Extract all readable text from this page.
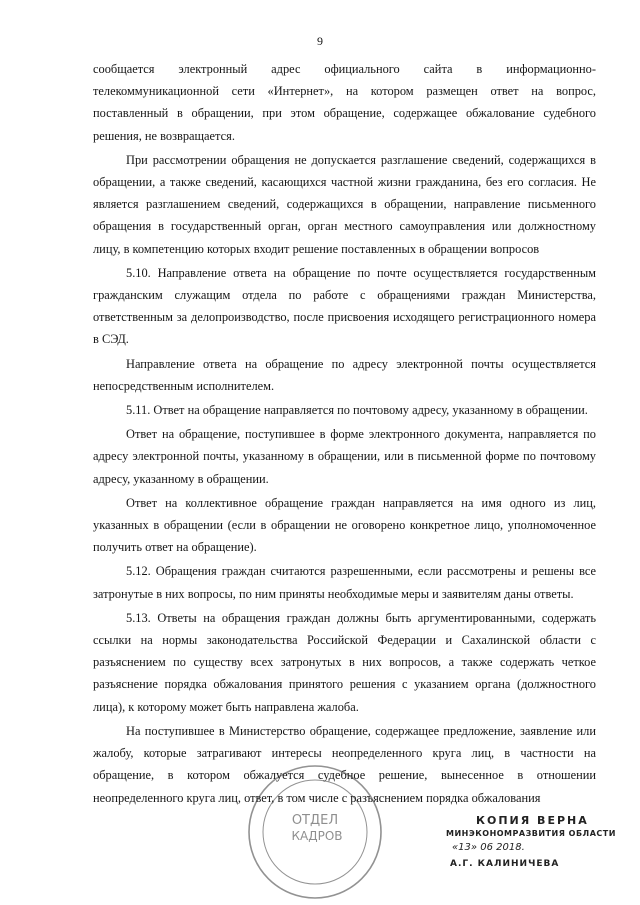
9

сообщается электронный адрес официального сайта в информационно-телекоммуникационной сети «Интернет», на котором размещен ответ на вопрос, поставленный в обращении, при этом обращение, содержащее обжалование судебного решения, не возвращается.

При рассмотрении обращения не допускается разглашение сведений, содержащихся в обращении, а также сведений, касающихся частной жизни гражданина, без его согласия. Не является разглашением сведений, содержащихся в обращении, направление письменного обращения в государственный орган, орган местного самоуправления или должностному лицу, в компетенцию которых входит решение поставленных в обращении вопросов

5.10. Направление ответа на обращение по почте осуществляется государственным гражданским служащим отдела по работе с обращениями граждан Министерства, ответственным за делопроизводство, после присвоения исходящего регистрационного номера в СЭД.

Направление ответа на обращение по адресу электронной почты осуществляется непосредственным исполнителем.

5.11. Ответ на обращение направляется по почтовому адресу, указанному в обращении.

Ответ на обращение, поступившее в форме электронного документа, направляется по адресу электронной почты, указанному в обращении, или в письменной форме по почтовому адресу, указанному в обращении.

Ответ на коллективное обращение граждан направляется на имя одного из лиц, указанных в обращении (если в обращении не оговорено конкретное лицо, уполномоченное получить ответ на обращение).

5.12. Обращения граждан считаются разрешенными, если рассмотрены и решены все затронутые в них вопросы, по ним приняты необходимые меры и заявителям даны ответы.

5.13. Ответы на обращения граждан должны быть аргументированными, содержать ссылки на нормы законодательства Российской Федерации и Сахалинской области с разъяснением по существу всех затронутых в них вопросов, а также содержать четкое разъяснение порядка обжалования принятого решения с указанием органа (должностного лица), к которому может быть направлена жалоба.

На поступившее в Министерство обращение, содержащее предложение, заявление или жалобу, которые затрагивают интересы неопределенного круга лиц, в частности на обращение, в котором обжалуется судебное решение, вынесенное в отношении неопределенного круга лиц, ответ, в том числе с разъяснением порядка обжалования

ОТДЕЛ
КАДРОВ
КОПИЯ ВЕРНА
МИНЭКОНОМРАЗВИТИЯ ОБЛАСТИ
«13» 06 2018.
А.Г. КАЛИНИЧЕВА
